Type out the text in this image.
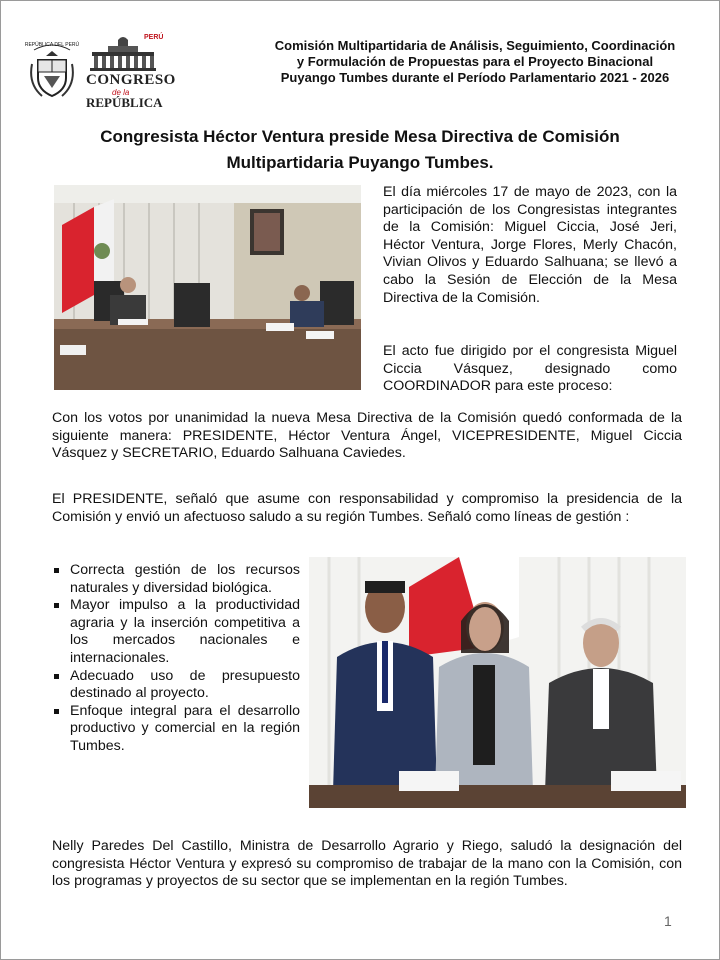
REPÚBLICA DEL PERÚ
PERÚ
CONGRESO
de la
REPÚBLICA
Comisión Multipartidaria de Análisis, Seguimiento, Coordinación y Formulación de Propuestas para el Proyecto Binacional Puyango Tumbes durante el Período Parlamentario 2021 - 2026
Congresista Héctor Ventura preside Mesa Directiva de Comisión Multipartidaria Puyango Tumbes.
El día miércoles 17 de mayo de 2023, con la participación de los Congresistas integrantes de la Comisión: Miguel Ciccia, José Jeri, Héctor Ventura, Jorge Flores, Merly Chacón, Vivian Olivos y Eduardo Salhuana; se llevó a cabo la Sesión de Elección de la Mesa Directiva de la Comisión.
El acto fue dirigido por el congresista Miguel Ciccia Vásquez, designado como COORDINADOR para este proceso:
Con los votos por unanimidad la nueva Mesa Directiva de la Comisión quedó conformada de la siguiente manera: PRESIDENTE, Héctor Ventura Ángel, VICEPRESIDENTE, Miguel Ciccia Vásquez y SECRETARIO, Eduardo Salhuana Caviedes.
El PRESIDENTE, señaló que asume con responsabilidad y compromiso la presidencia de la Comisión y envió un afectuoso saludo a su región Tumbes. Señaló como líneas de gestión :
Correcta gestión de los recursos naturales y diversidad biológica.
Mayor impulso a la productividad agraria y la inserción competitiva a los mercados nacionales e internacionales.
Adecuado uso de presupuesto destinado al proyecto.
Enfoque integral para el desarrollo productivo y comercial en la región Tumbes.
Nelly Paredes Del Castillo, Ministra de Desarrollo Agrario y Riego, saludó la designación del congresista Héctor Ventura y expresó su compromiso de trabajar de la mano con la Comisión, con los programas y proyectos de su sector que se implementan en la región Tumbes.
1
